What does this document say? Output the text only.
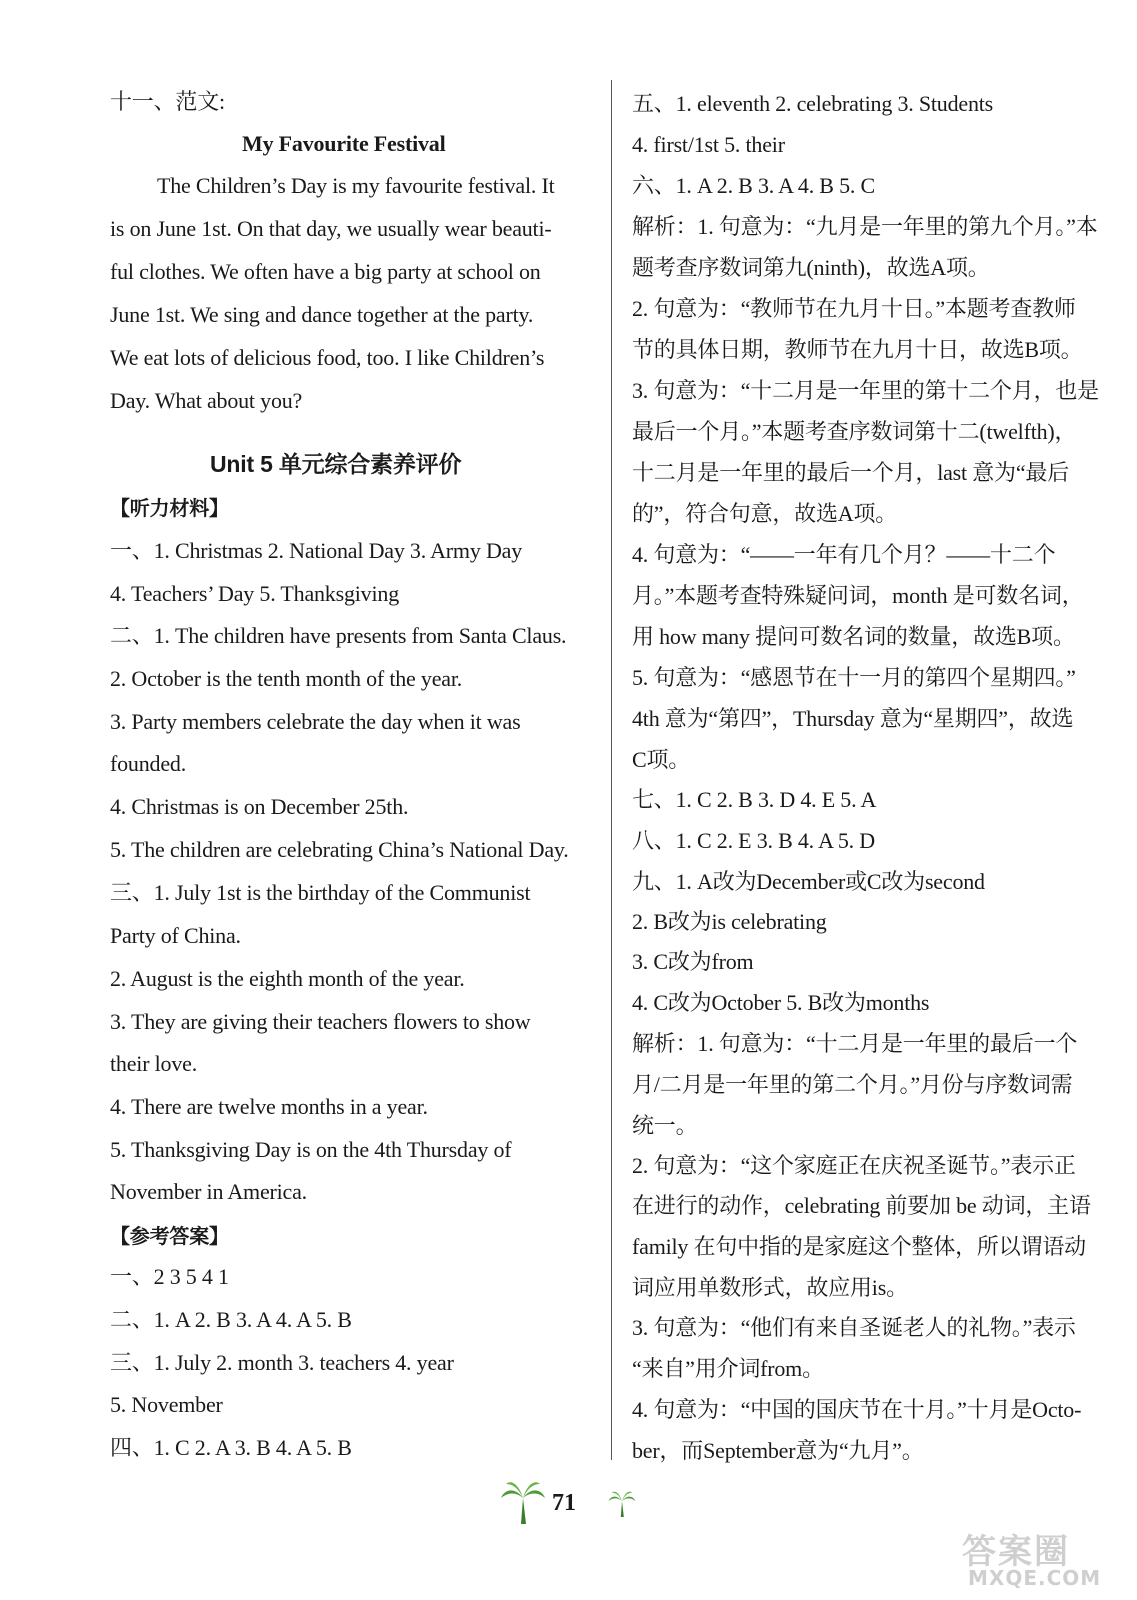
十一、范文:
My Favourite Festival
The Children’s Day is my favourite festival. It
is on June 1st. On that day, we usually wear beauti-
ful clothes. We often have a big party at school on
June 1st. We sing and dance together at the party.
We eat lots of delicious food, too. I like Children’s
Day. What about you?
Unit 5 单元综合素养评价
【听力材料】
一、1. Christmas 2. National Day 3. Army Day
4. Teachers’ Day 5. Thanksgiving
二、1. The children have presents from Santa Claus.
2. October is the tenth month of the year.
3. Party members celebrate the day when it was
founded.
4. Christmas is on December 25th.
5. The children are celebrating China’s National Day.
三、1. July 1st is the birthday of the Communist
Party of China.
2. August is the eighth month of the year.
3. They are giving their teachers flowers to show
their love.
4. There are twelve months in a year.
5. Thanksgiving Day is on the 4th Thursday of
November in America.
【参考答案】
一、2 3 5 4 1
二、1. A 2. B 3. A 4. A 5. B
三、1. July 2. month 3. teachers 4. year
5. November
四、1. C 2. A 3. B 4. A 5. B
五、1. eleventh 2. celebrating 3. Students
4. first/1st 5. their
六、1. A 2. B 3. A 4. B 5. C
解析：1. 句意为：“九月是一年里的第九个月。”本
题考查序数词第九(ninth)，故选A项。
2. 句意为：“教师节在九月十日。”本题考查教师
节的具体日期，教师节在九月十日，故选B项。
3. 句意为：“十二月是一年里的第十二个月，也是
最后一个月。”本题考查序数词第十二(twelfth)，
十二月是一年里的最后一个月，last 意为“最后
的”，符合句意，故选A项。
4. 句意为：“——一年有几个月？——十二个
月。”本题考查特殊疑问词，month 是可数名词，
用 how many 提问可数名词的数量，故选B项。
5. 句意为：“感恩节在十一月的第四个星期四。”
4th 意为“第四”，Thursday 意为“星期四”，故选
C项。
七、1. C 2. B 3. D 4. E 5. A
八、1. C 2. E 3. B 4. A 5. D
九、1. A改为December或C改为second
2. B改为is celebrating
3. C改为from
4. C改为October 5. B改为months
解析：1. 句意为：“十二月是一年里的最后一个
月/二月是一年里的第二个月。”月份与序数词需
统一。
2. 句意为：“这个家庭正在庆祝圣诞节。”表示正
在进行的动作，celebrating 前要加 be 动词，主语
family 在句中指的是家庭这个整体，所以谓语动
词应用单数形式，故应用is。
3. 句意为：“他们有来自圣诞老人的礼物。”表示
“来自”用介词from。
4. 句意为：“中国的国庆节在十月。”十月是Octo-
ber，而September意为“九月”。
71
答案圈
MXQE.COM
